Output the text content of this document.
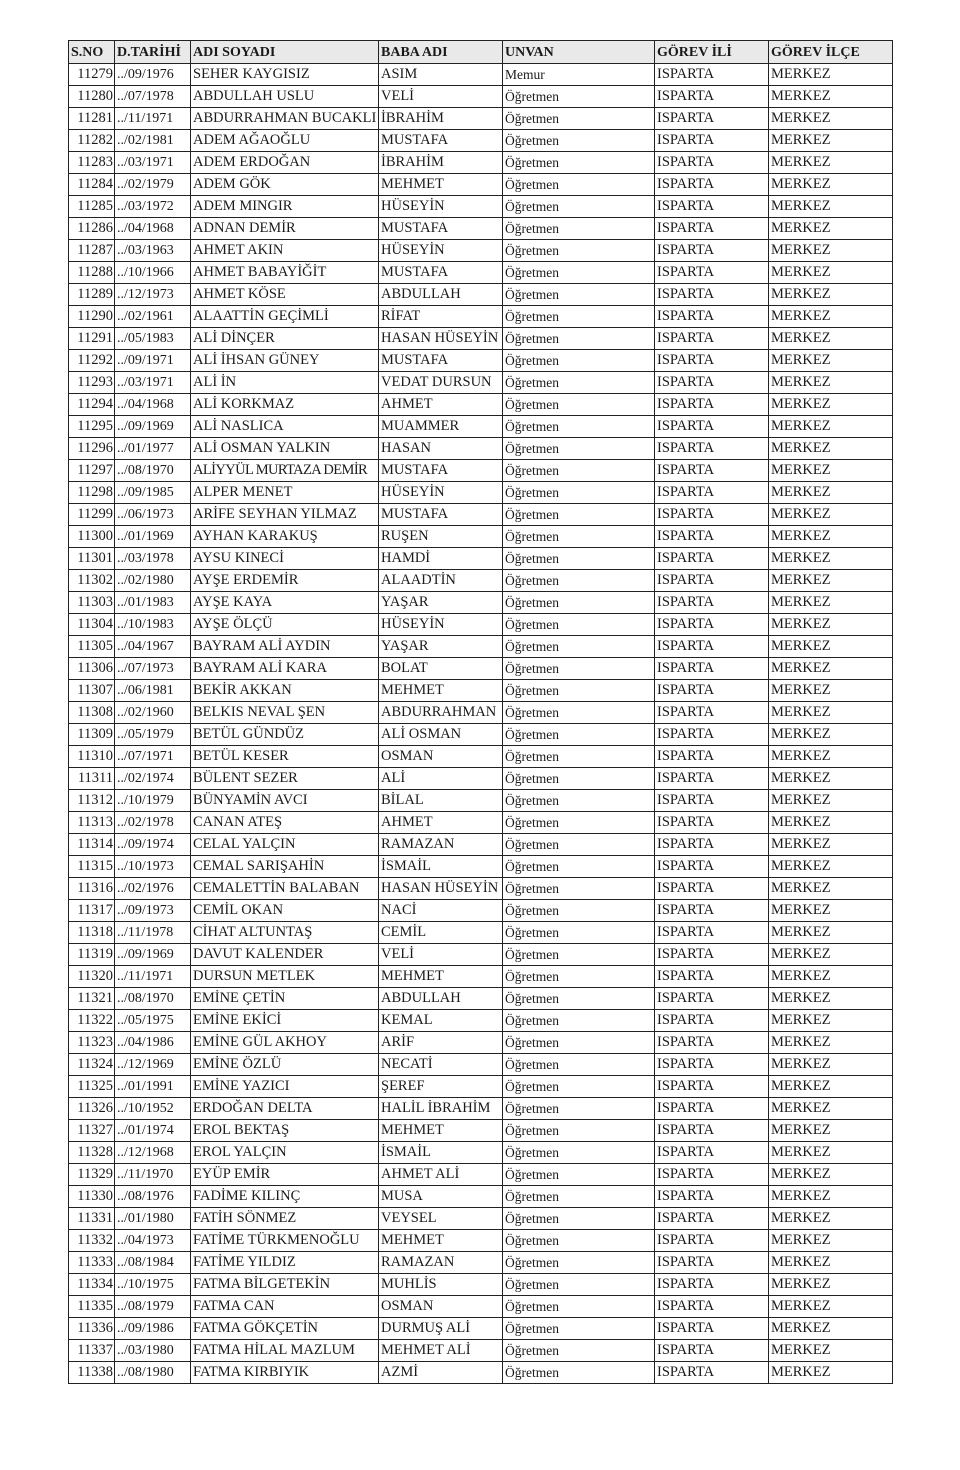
S.NO	D.TARİHİ	ADI SOYADI	BABA ADI	UNVAN	GÖREV İLİ	GÖREV İLÇE
11279	../09/1976	SEHER KAYGISIZ	ASIM	Memur	ISPARTA	MERKEZ
11280	../07/1978	ABDULLAH USLU	VELİ	Öğretmen	ISPARTA	MERKEZ
11281	../11/1971	ABDURRAHMAN BUCAKLI	İBRAHİM	Öğretmen	ISPARTA	MERKEZ
11282	../02/1981	ADEM AĞAOĞLU	MUSTAFA	Öğretmen	ISPARTA	MERKEZ
11283	../03/1971	ADEM ERDOĞAN	İBRAHİM	Öğretmen	ISPARTA	MERKEZ
11284	../02/1979	ADEM GÖK	MEHMET	Öğretmen	ISPARTA	MERKEZ
11285	../03/1972	ADEM MINGIR	HÜSEYİN	Öğretmen	ISPARTA	MERKEZ
11286	../04/1968	ADNAN DEMİR	MUSTAFA	Öğretmen	ISPARTA	MERKEZ
11287	../03/1963	AHMET AKIN	HÜSEYİN	Öğretmen	ISPARTA	MERKEZ
11288	../10/1966	AHMET BABAYİĞİT	MUSTAFA	Öğretmen	ISPARTA	MERKEZ
11289	../12/1973	AHMET KÖSE	ABDULLAH	Öğretmen	ISPARTA	MERKEZ
11290	../02/1961	ALAATTİN GEÇİMLİ	RİFAT	Öğretmen	ISPARTA	MERKEZ
11291	../05/1983	ALİ DİNÇER	HASAN HÜSEYİN	Öğretmen	ISPARTA	MERKEZ
11292	../09/1971	ALİ İHSAN GÜNEY	MUSTAFA	Öğretmen	ISPARTA	MERKEZ
11293	../03/1971	ALİ İN	VEDAT DURSUN	Öğretmen	ISPARTA	MERKEZ
11294	../04/1968	ALİ KORKMAZ	AHMET	Öğretmen	ISPARTA	MERKEZ
11295	../09/1969	ALİ NASLICA	MUAMMER	Öğretmen	ISPARTA	MERKEZ
11296	../01/1977	ALİ OSMAN YALKIN	HASAN	Öğretmen	ISPARTA	MERKEZ
11297	../08/1970	ALİYYÜL MURTAZA DEMİR	MUSTAFA	Öğretmen	ISPARTA	MERKEZ
11298	../09/1985	ALPER MENET	HÜSEYİN	Öğretmen	ISPARTA	MERKEZ
11299	../06/1973	ARİFE SEYHAN YILMAZ	MUSTAFA	Öğretmen	ISPARTA	MERKEZ
11300	../01/1969	AYHAN KARAKUŞ	RUŞEN	Öğretmen	ISPARTA	MERKEZ
11301	../03/1978	AYSU KINECİ	HAMDİ	Öğretmen	ISPARTA	MERKEZ
11302	../02/1980	AYŞE ERDEMİR	ALAADTİN	Öğretmen	ISPARTA	MERKEZ
11303	../01/1983	AYŞE KAYA	YAŞAR	Öğretmen	ISPARTA	MERKEZ
11304	../10/1983	AYŞE ÖLÇÜ	HÜSEYİN	Öğretmen	ISPARTA	MERKEZ
11305	../04/1967	BAYRAM ALİ AYDIN	YAŞAR	Öğretmen	ISPARTA	MERKEZ
11306	../07/1973	BAYRAM ALİ KARA	BOLAT	Öğretmen	ISPARTA	MERKEZ
11307	../06/1981	BEKİR AKKAN	MEHMET	Öğretmen	ISPARTA	MERKEZ
11308	../02/1960	BELKIS NEVAL ŞEN	ABDURRAHMAN	Öğretmen	ISPARTA	MERKEZ
11309	../05/1979	BETÜL GÜNDÜZ	ALİ OSMAN	Öğretmen	ISPARTA	MERKEZ
11310	../07/1971	BETÜL KESER	OSMAN	Öğretmen	ISPARTA	MERKEZ
11311	../02/1974	BÜLENT SEZER	ALİ	Öğretmen	ISPARTA	MERKEZ
11312	../10/1979	BÜNYAMİN AVCI	BİLAL	Öğretmen	ISPARTA	MERKEZ
11313	../02/1978	CANAN ATEŞ	AHMET	Öğretmen	ISPARTA	MERKEZ
11314	../09/1974	CELAL YALÇIN	RAMAZAN	Öğretmen	ISPARTA	MERKEZ
11315	../10/1973	CEMAL SARIŞAHİN	İSMAİL	Öğretmen	ISPARTA	MERKEZ
11316	../02/1976	CEMALETTİN BALABAN	HASAN HÜSEYİN	Öğretmen	ISPARTA	MERKEZ
11317	../09/1973	CEMİL OKAN	NACİ	Öğretmen	ISPARTA	MERKEZ
11318	../11/1978	CİHAT ALTUNTAŞ	CEMİL	Öğretmen	ISPARTA	MERKEZ
11319	../09/1969	DAVUT KALENDER	VELİ	Öğretmen	ISPARTA	MERKEZ
11320	../11/1971	DURSUN METLEK	MEHMET	Öğretmen	ISPARTA	MERKEZ
11321	../08/1970	EMİNE ÇETİN	ABDULLAH	Öğretmen	ISPARTA	MERKEZ
11322	../05/1975	EMİNE EKİCİ	KEMAL	Öğretmen	ISPARTA	MERKEZ
11323	../04/1986	EMİNE GÜL AKHOY	ARİF	Öğretmen	ISPARTA	MERKEZ
11324	../12/1969	EMİNE ÖZLÜ	NECATİ	Öğretmen	ISPARTA	MERKEZ
11325	../01/1991	EMİNE YAZICI	ŞEREF	Öğretmen	ISPARTA	MERKEZ
11326	../10/1952	ERDOĞAN DELTA	HALİL İBRAHİM	Öğretmen	ISPARTA	MERKEZ
11327	../01/1974	EROL BEKTAŞ	MEHMET	Öğretmen	ISPARTA	MERKEZ
11328	../12/1968	EROL YALÇIN	İSMAİL	Öğretmen	ISPARTA	MERKEZ
11329	../11/1970	EYÜP EMİR	AHMET ALİ	Öğretmen	ISPARTA	MERKEZ
11330	../08/1976	FADİME KILINÇ	MUSA	Öğretmen	ISPARTA	MERKEZ
11331	../01/1980	FATİH SÖNMEZ	VEYSEL	Öğretmen	ISPARTA	MERKEZ
11332	../04/1973	FATİME TÜRKMENOĞLU	MEHMET	Öğretmen	ISPARTA	MERKEZ
11333	../08/1984	FATİME YILDIZ	RAMAZAN	Öğretmen	ISPARTA	MERKEZ
11334	../10/1975	FATMA BİLGETEKİN	MUHLİS	Öğretmen	ISPARTA	MERKEZ
11335	../08/1979	FATMA CAN	OSMAN	Öğretmen	ISPARTA	MERKEZ
11336	../09/1986	FATMA GÖKÇETİN	DURMUŞ ALİ	Öğretmen	ISPARTA	MERKEZ
11337	../03/1980	FATMA HİLAL MAZLUM	MEHMET ALİ	Öğretmen	ISPARTA	MERKEZ
11338	../08/1980	FATMA KIRBIYIK	AZMİ	Öğretmen	ISPARTA	MERKEZ
